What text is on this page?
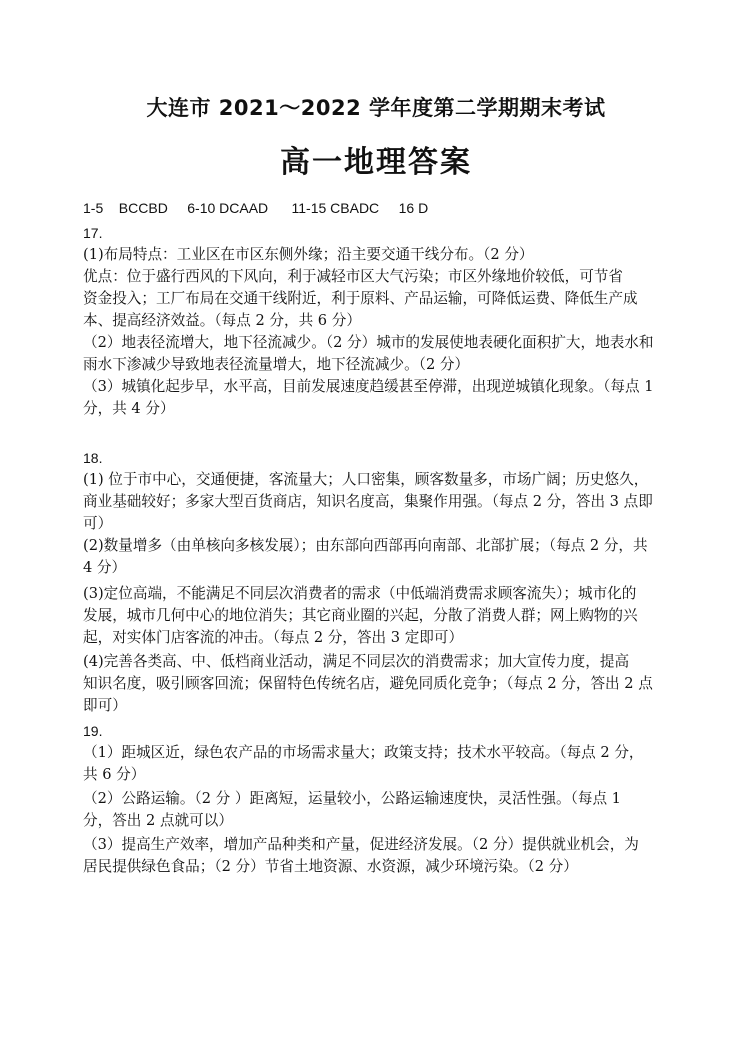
大连市 2021～2022 学年度第二学期期末考试
高一地理答案
1-5    BCCBD     6-10 DCAAD      11-15 CBADC     16 D
17.
(1)布局特点：工业区在市区东侧外缘；沿主要交通干线分布。（2 分）
优点：位于盛行西风的下风向，利于减轻市区大气污染；市区外缘地价较低，可节省
资金投入；工厂布局在交通干线附近，利于原料、产品运输，可降低运费、降低生产成
本、提高经济效益。（每点 2 分，共 6 分）
（2）地表径流增大，地下径流减少。（2 分）城市的发展使地表硬化面积扩大，地表水和
雨水下渗减少导致地表径流量增大，地下径流减少。（2 分）
（3）城镇化起步早，水平高，目前发展速度趋缓甚至停滞，出现逆城镇化现象。（每点 1
分，共 4 分）
18.
(1) 位于市中心，交通便捷，客流量大；人口密集，顾客数量多，市场广阔；历史悠久，
商业基础较好；多家大型百货商店，知识名度高，集聚作用强。（每点 2 分，答出 3 点即
可）
(2)数量增多（由单核向多核发展）；由东部向西部再向南部、北部扩展；（每点 2 分，共
4 分）
(3)定位高端，不能满足不同层次消费者的需求（中低端消费需求顾客流失）；城市化的
发展，城市几何中心的地位消失；其它商业圈的兴起，分散了消费人群；网上购物的兴
起，对实体门店客流的冲击。（每点 2 分，答出 3 定即可）
(4)完善各类高、中、低档商业活动，满足不同层次的消费需求；加大宣传力度，提高
知识名度，吸引顾客回流；保留特色传统名店，避免同质化竞争；（每点 2 分，答出 2 点
即可）
19.
（1）距城区近，绿色农产品的市场需求量大；政策支持；技术水平较高。（每点 2 分，
共 6 分）
（2）公路运输。（2 分 ）距离短，运量较小，公路运输速度快，灵活性强。（每点 1
分，答出 2 点就可以）
（3）提高生产效率，增加产品种类和产量，促进经济发展。（2 分）提供就业机会，为
居民提供绿色食品；（2 分）节省土地资源、水资源，减少环境污染。（2 分）
